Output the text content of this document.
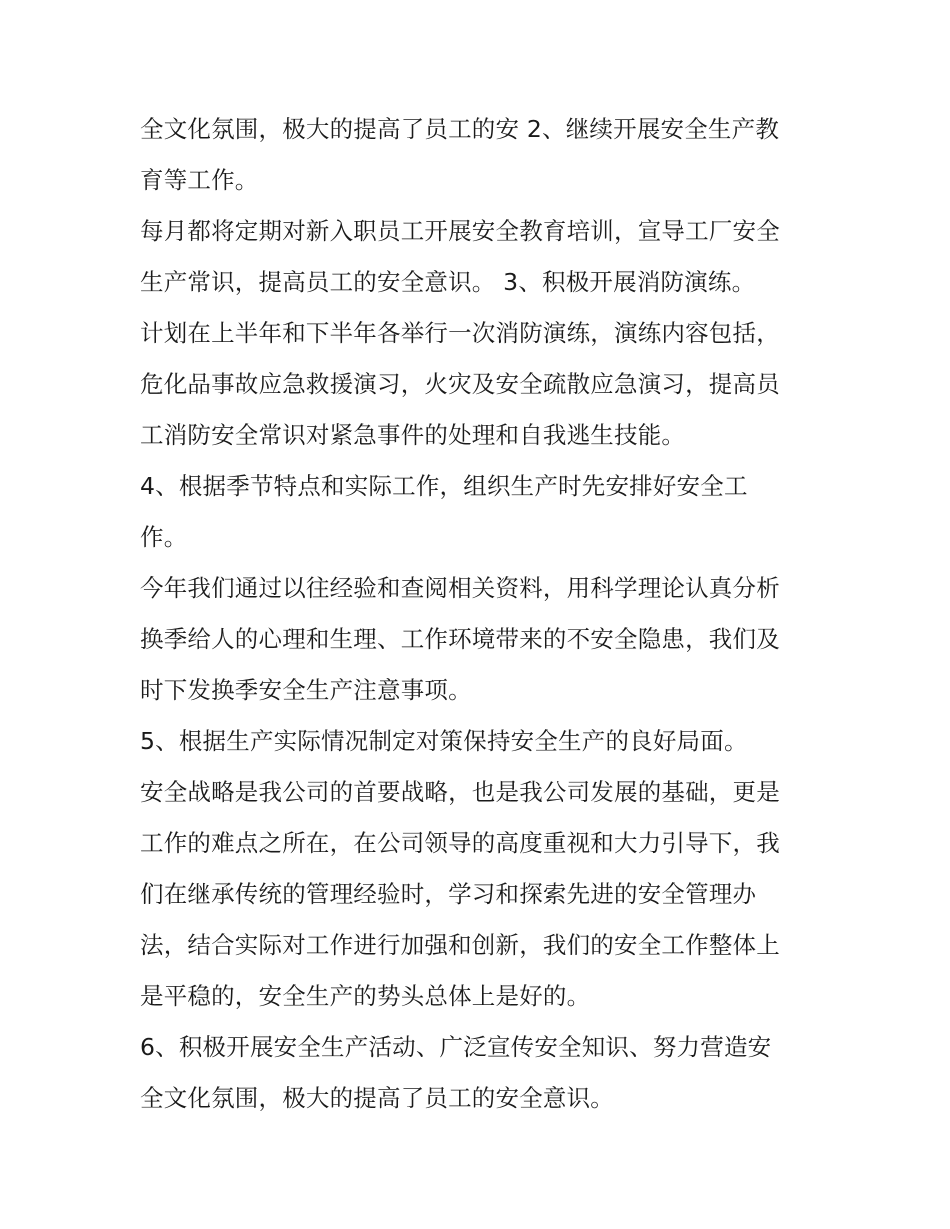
全文化氛围，极大的提高了员工的安 2、继续开展安全生产教
育等工作。
每月都将定期对新入职员工开展安全教育培训，宣导工厂安全
生产常识，提高员工的安全意识。 3、积极开展消防演练。
计划在上半年和下半年各举行一次消防演练，演练内容包括，
危化品事故应急救援演习，火灾及安全疏散应急演习，提高员
工消防安全常识对紧急事件的处理和自我逃生技能。
4、根据季节特点和实际工作，组织生产时先安排好安全工
作。
今年我们通过以往经验和查阅相关资料，用科学理论认真分析
换季给人的心理和生理、工作环境带来的不安全隐患，我们及
时下发换季安全生产注意事项。
5、根据生产实际情况制定对策保持安全生产的良好局面。
安全战略是我公司的首要战略，也是我公司发展的基础，更是
工作的难点之所在，在公司领导的高度重视和大力引导下，我
们在继承传统的管理经验时，学习和探索先进的安全管理办
法，结合实际对工作进行加强和创新，我们的安全工作整体上
是平稳的，安全生产的势头总体上是好的。
6、积极开展安全生产活动、广泛宣传安全知识、努力营造安
全文化氛围，极大的提高了员工的安全意识。
